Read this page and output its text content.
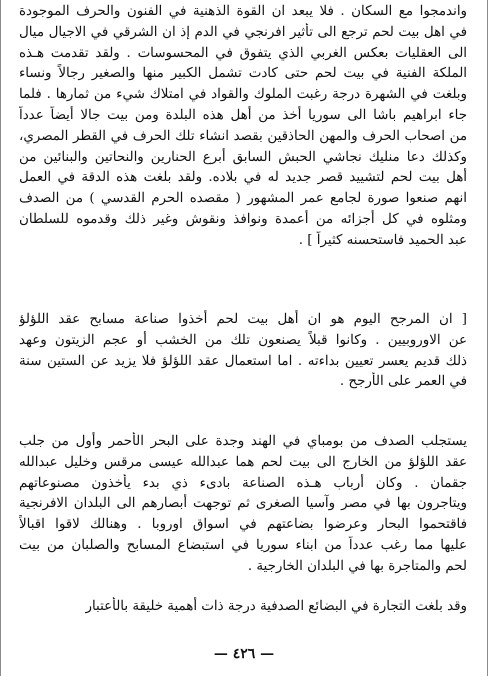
واندمجوا مع السكان . فلا يبعد ان القوة الذهنية في الفنون والحرف الموجودة
في اهل بيت لحم ترجع الى تأثير افرنجي في الدم إذ ان الشرقي في الاجيال ميال
الى العقليات بعكس الغربي الذي يتفوق في المحسوسات . ولقد تقدمت هـذه
الملكة الفنية في بيت لحم حتى كادت تشمل الكبير منها والصغير رجالاً ونساء
وبلغت في الشهرة درجة رغبت الملوك والقواد في امتلاك شيء من ثمارها . فلما
جاء ابراهيم باشا الى سوريا أخذ من أهل هذه البلدة ومن بيت جالا أيضاً عدداً
من اصحاب الحرف والمهن الحاذقين بقصد انشاء تلك الحرف في القطر المصري،
وكذلك دعا منليك نجاشي الحبش السابق أبرع الحنارين والنحاتين والبنائين من
أهل بيت لحم لتشييد قصر جديد له في بلاده. ولقد بلغت هذه الدقة في العمل
انهم صنعوا صورة لجامع عمر المشهور ( مقصده الحرم القدسي ) من الصدف
ومثلوه في كل أجزائه من أعمدة ونوافذ ونقوش وغير ذلك وقدموه للسلطان
عبد الحميد فاستحسنه كثيراً ] .
[ ان المرجح اليوم هو ان أهل بيت لحم أخذوا صناعة مسابح عقد اللؤلؤ
عن الاوروبيين . وكانوا قبلاً يصنعون تلك من الخشب أو عجم الزيتون وعهد
ذلك قديم يعسر تعيين بداءته . اما استعمال عقد اللؤلؤ فلا يزيد عن الستين سنة
في العمر على الأرجح .
يستجلب الصدف من بومباي في الهند وجدة على البحر الأحمر وأول من جلب
عقد اللؤلؤ من الخارج الى بيت لحم هما عبدالله عيسى مرقس وخليل عبدالله
جقمان . وكان أرباب هـذه الصناعة بادىء ذي بدء يأخذون مصنوعاتهم
ويتاجرون بها في مصر وآسيا الصغرى ثم توجهت أبصارهم الى البلدان الافرنجية
فاقتحموا البحار وعرضوا بضاعتهم في اسواق اوروبا . وهنالك لاقوا اقبالاً
عليها مما رغب عدداً من ابناء سوريا في استبضاع المسابح والصلبان من بيت
لحم والمتاجرة بها في البلدان الخارجية .
وقد بلغت التجارة في البضائع الصدفية درجة ذات أهمية خليقة بالأعتبار
— ٤٢٦ —
